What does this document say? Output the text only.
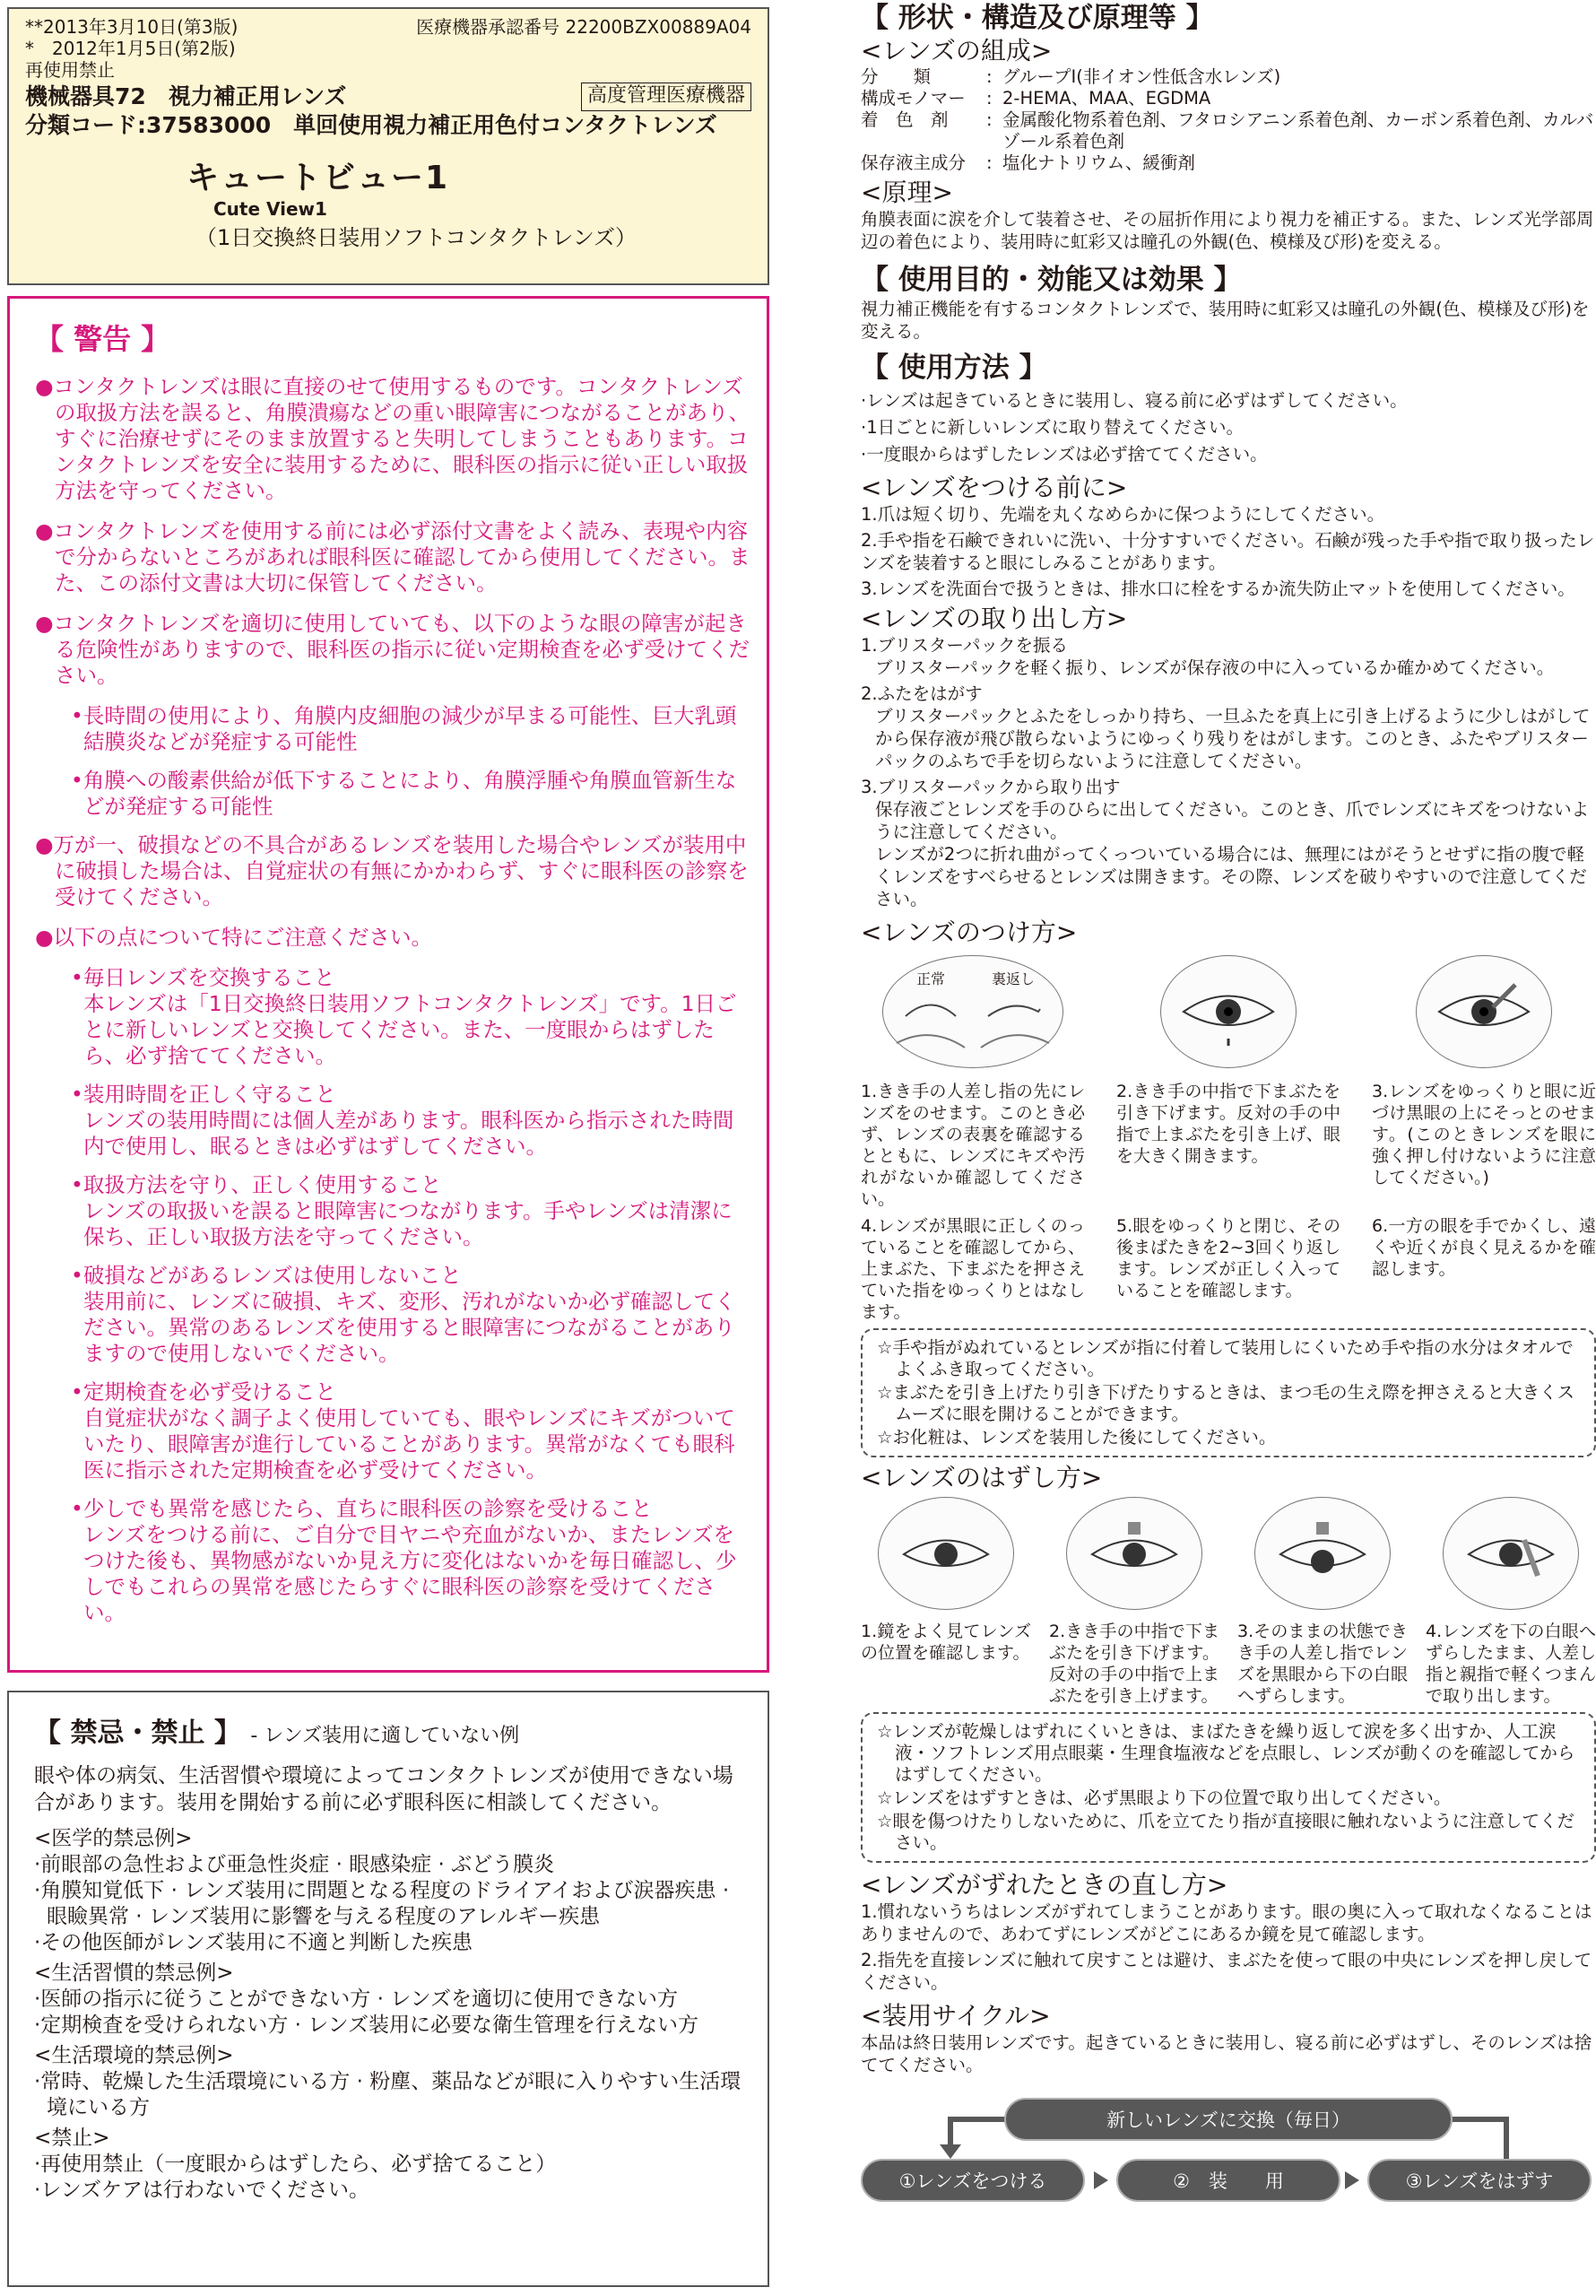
**2013年3月10日(第3版)	医療機器承認番号 22200BZX00889A04
*　2012年1月5日(第2版)
再使用禁止
機械器具72　視力補正用レンズ	高度管理医療機器
分類コード:37583000　単回使用視力補正用色付コンタクトレンズ
キュートビュー1
Cute View1
（1日交換終日装用ソフトコンタクトレンズ）
【 警告 】
●コンタクトレンズは眼に直接のせて使用するものです。コンタクトレンズの取扱方法を誤ると、角膜潰瘍などの重い眼障害につながることがあり、すぐに治療せずにそのまま放置すると失明してしまうこともあります。コンタクトレンズを安全に装用するために、眼科医の指示に従い正しい取扱方法を守ってください。
●コンタクトレンズを使用する前には必ず添付文書をよく読み、表現や内容で分からないところがあれば眼科医に確認してから使用してください。また、この添付文書は大切に保管してください。
●コンタクトレンズを適切に使用していても、以下のような眼の障害が起きる危険性がありますので、眼科医の指示に従い定期検査を必ず受けてください。
•長時間の使用により、角膜内皮細胞の減少が早まる可能性、巨大乳頭結膜炎などが発症する可能性
•角膜への酸素供給が低下することにより、角膜浮腫や角膜血管新生などが発症する可能性
●万が一、破損などの不具合があるレンズを装用した場合やレンズが装用中に破損した場合は、自覚症状の有無にかかわらず、すぐに眼科医の診察を受けてください。
●以下の点について特にご注意ください。
•毎日レンズを交換すること
本レンズは「1日交換終日装用ソフトコンタクトレンズ」です。1日ごとに新しいレンズと交換してください。また、一度眼からはずしたら、必ず捨ててください。
•装用時間を正しく守ること
レンズの装用時間には個人差があります。眼科医から指示された時間内で使用し、眠るときは必ずはずしてください。
•取扱方法を守り、正しく使用すること
レンズの取扱いを誤ると眼障害につながります。手やレンズは清潔に保ち、正しい取扱方法を守ってください。
•破損などがあるレンズは使用しないこと
装用前に、レンズに破損、キズ、変形、汚れがないか必ず確認してください。異常のあるレンズを使用すると眼障害につながることがありますので使用しないでください。
•定期検査を必ず受けること
自覚症状がなく調子よく使用していても、眼やレンズにキズがついていたり、眼障害が進行していることがあります。異常がなくても眼科医に指示された定期検査を必ず受けてください。
•少しでも異常を感じたら、直ちに眼科医の診察を受けること
レンズをつける前に、ご自分で目ヤニや充血がないか、またレンズをつけた後も、異物感がないか見え方に変化はないかを毎日確認し、少しでもこれらの異常を感じたらすぐに眼科医の診察を受けてください。
【 禁忌・禁止 】 - レンズ装用に適していない例

眼や体の病気、生活習慣や環境によってコンタクトレンズが使用できない場合があります。装用を開始する前に必ず眼科医に相談してください。

<医学的禁忌例>

·前眼部の急性および亜急性炎症 · 眼感染症 · ぶどう膜炎

·角膜知覚低下 · レンズ装用に問題となる程度のドライアイおよび涙器疾患 · 眼瞼異常 · レンズ装用に影響を与える程度のアレルギー疾患

·その他医師がレンズ装用に不適と判断した疾患

<生活習慣的禁忌例>

·医師の指示に従うことができない方 · レンズを適切に使用できない方

·定期検査を受けられない方 · レンズ装用に必要な衛生管理を行えない方

<生活環境的禁忌例>

·常時、乾燥した生活環境にいる方 · 粉塵、薬品などが眼に入りやすい生活環境にいる方

<禁止>

·再使用禁止（一度眼からはずしたら、必ず捨てること）

·レンズケアは行わないでください。

【 形状・構造及び原理等 】

<レンズの組成>

分　　類	: グループⅠ(非イオン性低含水レンズ)
構成モノマー	: 2-HEMA、MAA、EGDMA
着　色　剤	: 金属酸化物系着色剤、フタロシアニン系着色剤、カーボン系着色剤、カルバゾール系着色剤
保存液主成分	: 塩化ナトリウム、緩衝剤

<原理>

角膜表面に涙を介して装着させ、その屈折作用により視力を補正する。また、レンズ光学部周辺の着色により、装用時に虹彩又は瞳孔の外観(色、模様及び形)を変える。

【 使用目的・効能又は効果 】

視力補正機能を有するコンタクトレンズで、装用時に虹彩又は瞳孔の外観(色、模様及び形)を変える。

【 使用方法 】

·レンズは起きているときに装用し、寝る前に必ずはずしてください。

·1日ごとに新しいレンズに取り替えてください。

·一度眼からはずしたレンズは必ず捨ててください。

<レンズをつける前に>

1.爪は短く切り、先端を丸くなめらかに保つようにしてください。

2.手や指を石鹸できれいに洗い、十分すすいでください。石鹸が残った手や指で取り扱ったレンズを装着すると眼にしみることがあります。

3.レンズを洗面台で扱うときは、排水口に栓をするか流失防止マットを使用してください。

<レンズの取り出し方>

1.ブリスターパックを振る

ブリスターパックを軽く振り、レンズが保存液の中に入っているか確かめてください。

2.ふたをはがす

ブリスターパックとふたをしっかり持ち、一旦ふたを真上に引き上げるように少しはがしてから保存液が飛び散らないようにゆっくり残りをはがします。このとき、ふたやブリスターパックのふちで手を切らないように注意してください。

3.ブリスターパックから取り出す

保存液ごとレンズを手のひらに出してください。このとき、爪でレンズにキズをつけないように注意してください。
レンズが2つに折れ曲がってくっついている場合には、無理にはがそうとせずに指の腹で軽くレンズをすべらせるとレンズは開きます。その際、レンズを破りやすいので注意してください。

<レンズのつけ方>

正常	裏返し
1.きき手の人差し指の先にレンズをのせます。このとき必ず、レンズの表裏を確認するとともに、レンズにキズや汚れがないか確認してください。
2.きき手の中指で下まぶたを引き下げます。反対の手の中指で上まぶたを引き上げ、眼を大きく開きます。
3.レンズをゆっくりと眼に近づけ黒眼の上にそっとのせます。(このときレンズを眼に強く押し付けないように注意してください。)
4.レンズが黒眼に正しくのっていることを確認してから、上まぶた、下まぶたを押さえていた指をゆっくりとはなします。
5.眼をゆっくりと閉じ、その後まばたきを2~3回くり返します。レンズが正しく入っていることを確認します。
6.一方の眼を手でかくし、遠くや近くが良く見えるかを確認します。

☆手や指がぬれているとレンズが指に付着して装用しにくいため手や指の水分はタオルでよくふき取ってください。

☆まぶたを引き上げたり引き下げたりするときは、まつ毛の生え際を押さえると大きくスムーズに眼を開けることができます。

☆お化粧は、レンズを装用した後にしてください。

<レンズのはずし方>

1.鏡をよく見てレンズの位置を確認します。
2.きき手の中指で下まぶたを引き下げます。反対の手の中指で上まぶたを引き上げます。
3.そのままの状態できき手の人差し指でレンズを黒眼から下の白眼へずらします。
4.レンズを下の白眼へずらしたまま、人差し指と親指で軽くつまんで取り出します。

☆レンズが乾燥しはずれにくいときは、まばたきを繰り返して涙を多く出すか、人工涙液・ソフトレンズ用点眼薬・生理食塩液などを点眼し、レンズが動くのを確認してからはずしてください。

☆レンズをはずすときは、必ず黒眼より下の位置で取り出してください。

☆眼を傷つけたりしないために、爪を立てたり指が直接眼に触れないように注意してください。

<レンズがずれたときの直し方>

1.慣れないうちはレンズがずれてしまうことがあります。眼の奥に入って取れなくなることはありませんので、あわてずにレンズがどこにあるか鏡を見て確認します。

2.指先を直接レンズに触れて戻すことは避け、まぶたを使って眼の中央にレンズを押し戻してください。

<装用サイクル>

本品は終日装用レンズです。起きているときに装用し、寝る前に必ずはずし、そのレンズは捨ててください。

新しいレンズに交換（毎日）
①レンズをつける	②　装　　用	③レンズをはずす
